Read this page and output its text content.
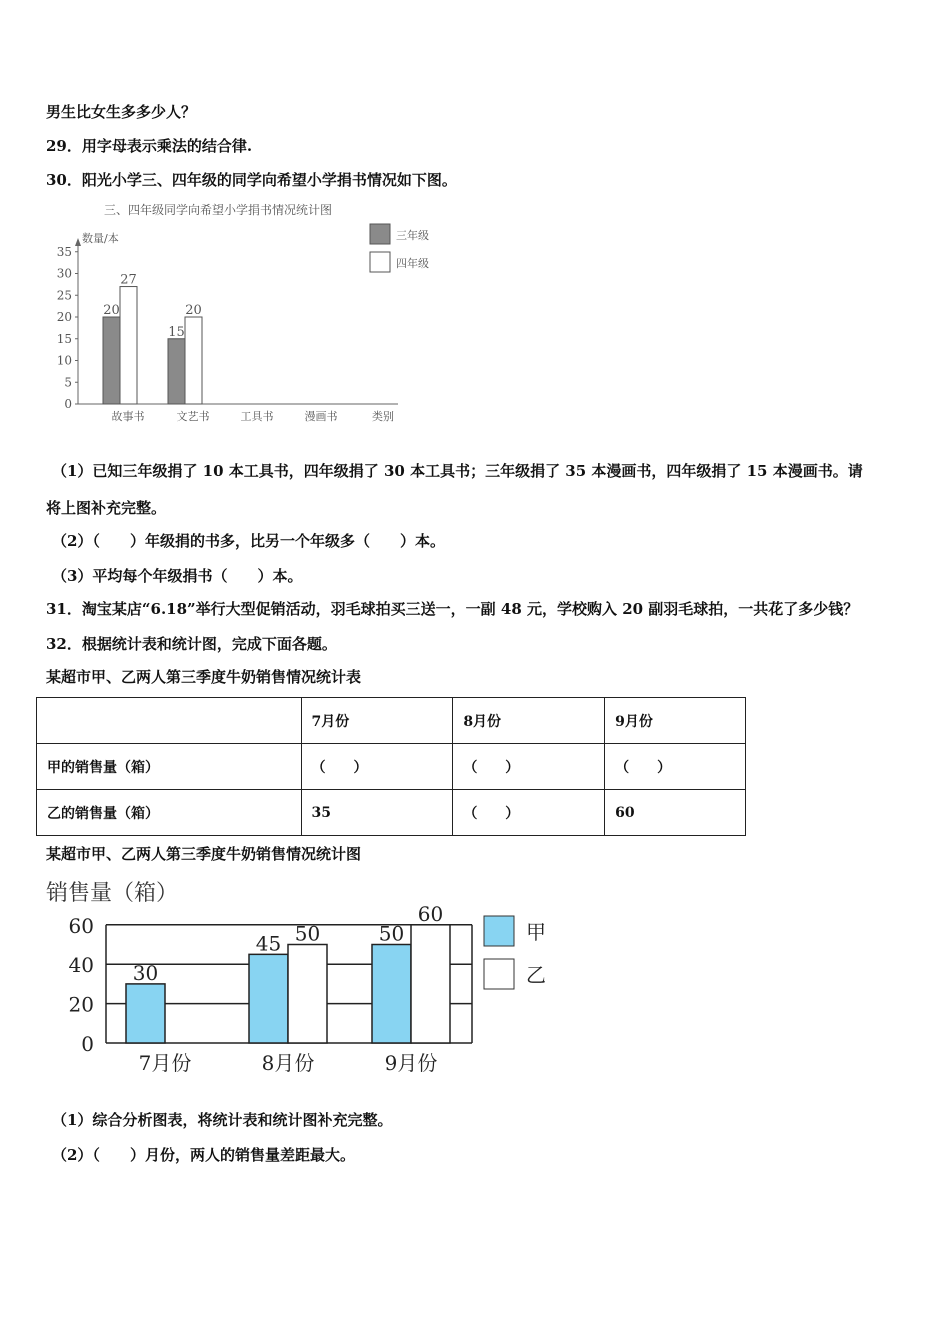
男生比女生多多少人？
29．用字母表示乘法的结合律.
30．阳光小学三、四年级的同学向希望小学捐书情况如下图。
三、四年级同学向希望小学捐书情况统计图
数量/本
0
5
10
15
20
25
30
35
故事书
20
27
文艺书
15
20
工具书	漫画书	类别
三年级
四年级
（1）已知三年级捐了 10 本工具书，四年级捐了 30 本工具书；三年级捐了 35 本漫画书，四年级捐了 15 本漫画书。请
将上图补充完整。
（2）（　　）年级捐的书多，比另一个年级多（　　）本。
（3）平均每个年级捐书（　　）本。
31．淘宝某店“6.18”举行大型促销活动，羽毛球拍买三送一，一副 48 元，学校购入 20 副羽毛球拍，一共花了多少钱？
32．根据统计表和统计图，完成下面各题。
某超市甲、乙两人第三季度牛奶销售情况统计表
	7月份	8月份	9月份
甲的销售量（箱）	（　　）	（　　）	（　　）
乙的销售量（箱）	35	（　　）	60
某超市甲、乙两人第三季度牛奶销售情况统计图
销售量（箱）
0
20
40
60
30
7月份
45 50
8月份
50
60
9月份
甲
乙
（1）综合分析图表，将统计表和统计图补充完整。
（2）（　　）月份，两人的销售量差距最大。
